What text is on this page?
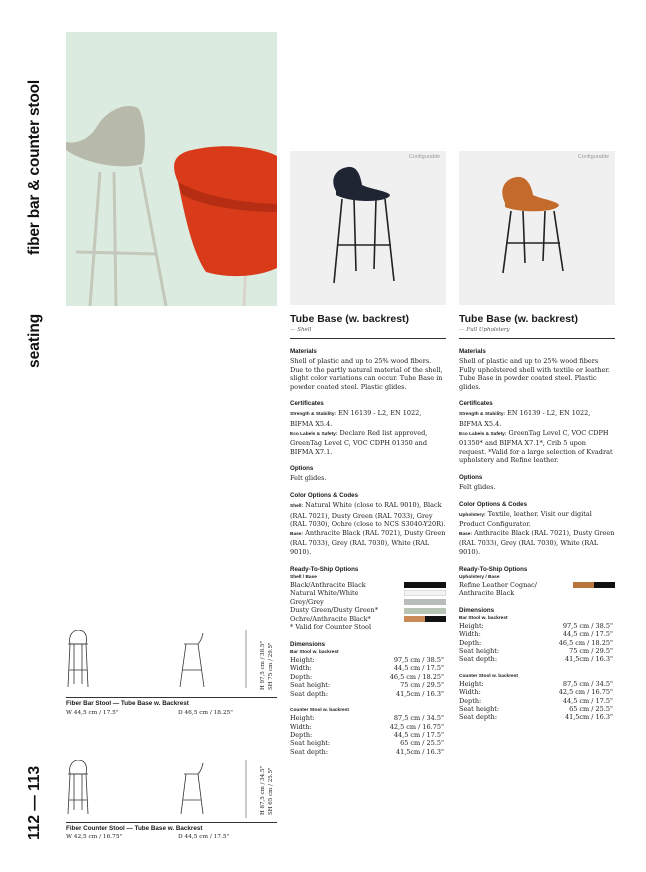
fiber bar & counter stool
seating
112 — 113
Configurable	Configurable
Tube Base (w. backrest)
— Shell
Materials
Shell of plastic and up to 25% wood fibers. Due to the partly natural material of the shell, slight color variations can occur. Tube Base in powder coated steel. Plastic glides.
Certificates
Strength & Stability: EN 16139 - L2, EN 1022, BIFMA X5.4.
Eco Labels & Safety: Declare Red list approved, GreenTag Level C, VOC CDPH 01350 and BIFMA X7.1.
Options
Felt glides.
Color Options & Codes
Shell: Natural White (close to RAL 9010), Black (RAL 7021), Dusty Green (RAL 7033), Grey (RAL 7030), Ochre (close to NCS S3040-Y20R).
Base: Anthracite Black (RAL 7021), Dusty Green (RAL 7033), Grey (RAL 7030), White (RAL 9010).
Ready-To-Ship Options
Shell / Base
Black/Anthracite Black
Natural White/White
Grey/Grey
Dusty Green/Dusty Green*
Ochre/Anthracite Black*
* Valid for Counter Stool
Dimensions
Bar Stool w. backrest
Height:	97,5 cm / 38.5"
Width:	44,5 cm / 17.5"
Depth:	46,5 cm / 18.25"
Seat height:	75 cm / 29.5"
Seat depth:	41,5cm / 16.3"
Counter Stool w. backrest
Height:	87,5 cm / 34.5"
Width:	42,5 cm / 16.75"
Depth:	44,5 cm / 17.5"
Seat height:	65 cm / 25.5"
Seat depth:	41,5cm / 16.3"
Tube Base (w. backrest)
— Full Upholstery
Materials
Shell of plastic and up to 25% wood fibers Fully upholstered shell with textile or leather. Tube Base in powder coated steel. Plastic glides.
Certificates
Strength & Stability: EN 16139 - L2, EN 1022, BIFMA X5.4.
Eco Labels & Safety: GreenTag Level C, VOC CDPH 01350* and BIFMA X7.1*, Crib 5 upon request. *Valid for a large selection of Kvadrat upholstery and Refine leather.
Options
Felt glides.
Color Options & Codes
Upholstery: Textile, leather. Visit our digital Product Configurator.
Base: Anthracite Black (RAL 7021), Dusty Green (RAL 7033), Grey (RAL 7030), White (RAL 9010).
Ready-To-Ship Options
Upholstery / Base
Refine Leather Cognac/ Anthracite Black
Dimensions
Bar Stool w. backrest
Height:	97,5 cm / 38.5"
Width:	44,5 cm / 17.5"
Depth:	46,5 cm / 18.25"
Seat height:	75 cm / 29.5"
Seat depth:	41,5cm / 16.3"
Counter Stool w. backrest
Height:	87,5 cm / 34.5"
Width:	42,5 cm / 16.75"
Depth:	44,5 cm / 17.5"
Seat height:	65 cm / 25.5"
Seat depth:	41,5cm / 16.3"
H 97,5 cm / 38.5" SH 75 cm / 29.5"
Fiber Bar Stool — Tube Base w. Backrest
W 44,5 cm / 17.5"	D 46,5 cm / 18.25"
H 87,5 cm / 34.5" SH 65 cm / 25.5"
Fiber Counter Stool — Tube Base w. Backrest
W 42,5 cm / 16.75"	D 44,5 cm / 17.5"
